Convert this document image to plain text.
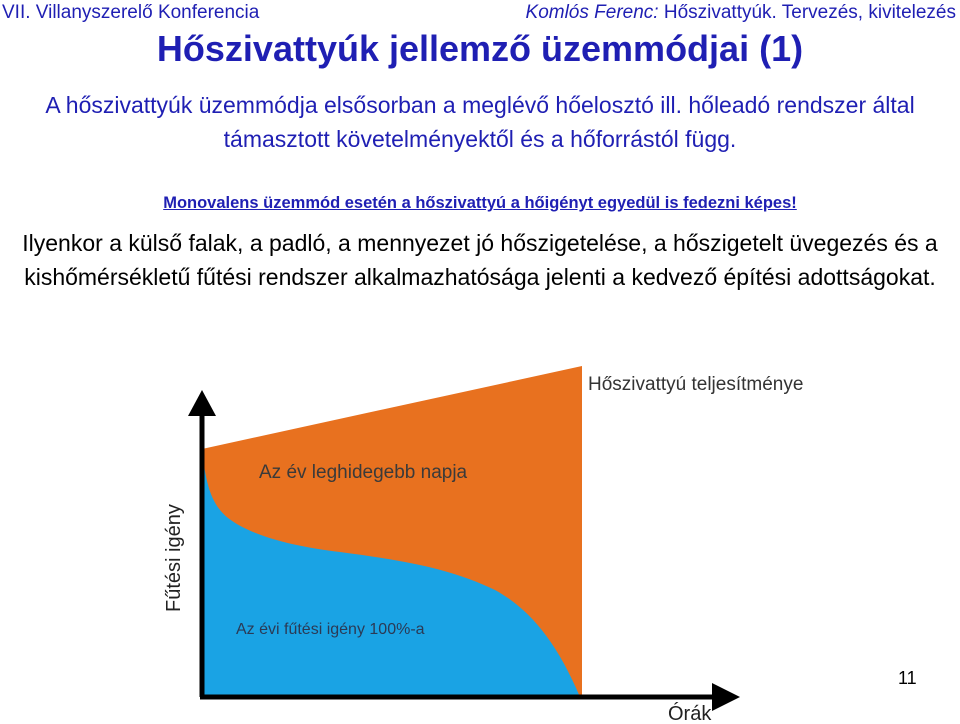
VII. Villanyszerelő Konferencia	Komlós Ferenc: Hőszivattyúk. Tervezés, kivitelezés
Hőszivattyúk jellemző üzemmódjai (1)
A hőszivattyúk üzemmódja elsősorban a meglévő hőelosztó ill. hőleadó rendszer által támasztott követelményektől és a hőforrástól függ.
Monovalens üzemmód esetén a hőszivattyú a hőigényt egyedül is fedezni képes!
Ilyenkor a külső falak, a padló, a mennyezet jó hőszigetelése, a hőszigetelt üvegezés és a kishőmérsékletű fűtési rendszer alkalmazhatósága jelenti a kedvező építési adottságokat.
Hőszivattyú teljesítménye
Az év leghidegebb napja
Az évi fűtési igény 100%-a
Fűtési igény
Órák
11
